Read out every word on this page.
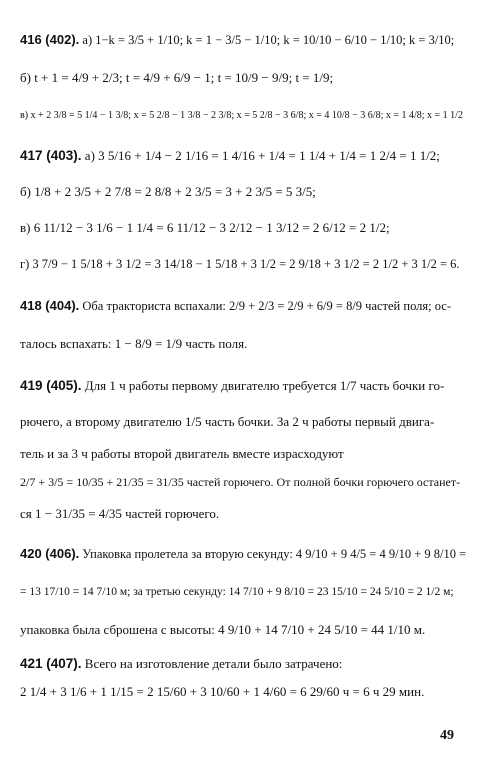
416 (402). а) 1−k = 3/5 + 1/10; k = 1 − 3/5 − 1/10; k = 10/10 − 6/10 − 1/10; k = 3/10;
б) t + 1 = 4/9 + 2/3; t = 4/9 + 6/9 − 1; t = 10/9 − 9/9; t = 1/9;
в) x + 2 3/8 = 5 1/4 − 1 3/8; x = 5 2/8 − 1 3/8 − 2 3/8; x = 5 2/8 − 3 6/8; x = 4 10/8 − 3 6/8; x = 1 4/8; x = 1 1/2
417 (403). а) 3 5/16 + 1/4 − 2 1/16 = 1 4/16 + 1/4 = 1 1/4 + 1/4 = 1 2/4 = 1 1/2;
б) 1/8 + 2 3/5 + 2 7/8 = 2 8/8 + 2 3/5 = 3 + 2 3/5 = 5 3/5;
в) 6 11/12 − 3 1/6 − 1 1/4 = 6 11/12 − 3 2/12 − 1 3/12 = 2 6/12 = 2 1/2;
г) 3 7/9 − 1 5/18 + 3 1/2 = 3 14/18 − 1 5/18 + 3 1/2 = 2 9/18 + 3 1/2 = 2 1/2 + 3 1/2 = 6.
418 (404). Оба тракториста вспахали: 2/9 + 2/3 = 2/9 + 6/9 = 8/9 частей поля; ос-
талось вспахать: 1 − 8/9 = 1/9 часть поля.
419 (405). Для 1 ч работы первому двигателю требуется 1/7 часть бочки го-
рючего, а второму двигателю 1/5 часть бочки. За 2 ч работы первый двига-
тель и за 3 ч работы второй двигатель вместе израсходуют
2/7 + 3/5 = 10/35 + 21/35 = 31/35 частей горючего. От полной бочки горючего останет-
ся 1 − 31/35 = 4/35 частей горючего.
420 (406). Упаковка пролетела за вторую секунду: 4 9/10 + 9 4/5 = 4 9/10 + 9 8/10 =
= 13 17/10 = 14 7/10 м; за третью секунду: 14 7/10 + 9 8/10 = 23 15/10 = 24 5/10 = 2 1/2 м;
упаковка была сброшена с высоты: 4 9/10 + 14 7/10 + 24 5/10 = 44 1/10 м.
421 (407). Всего на изготовление детали было затрачено:
2 1/4 + 3 1/6 + 1 1/15 = 2 15/60 + 3 10/60 + 1 4/60 = 6 29/60 ч = 6 ч 29 мин.
49
